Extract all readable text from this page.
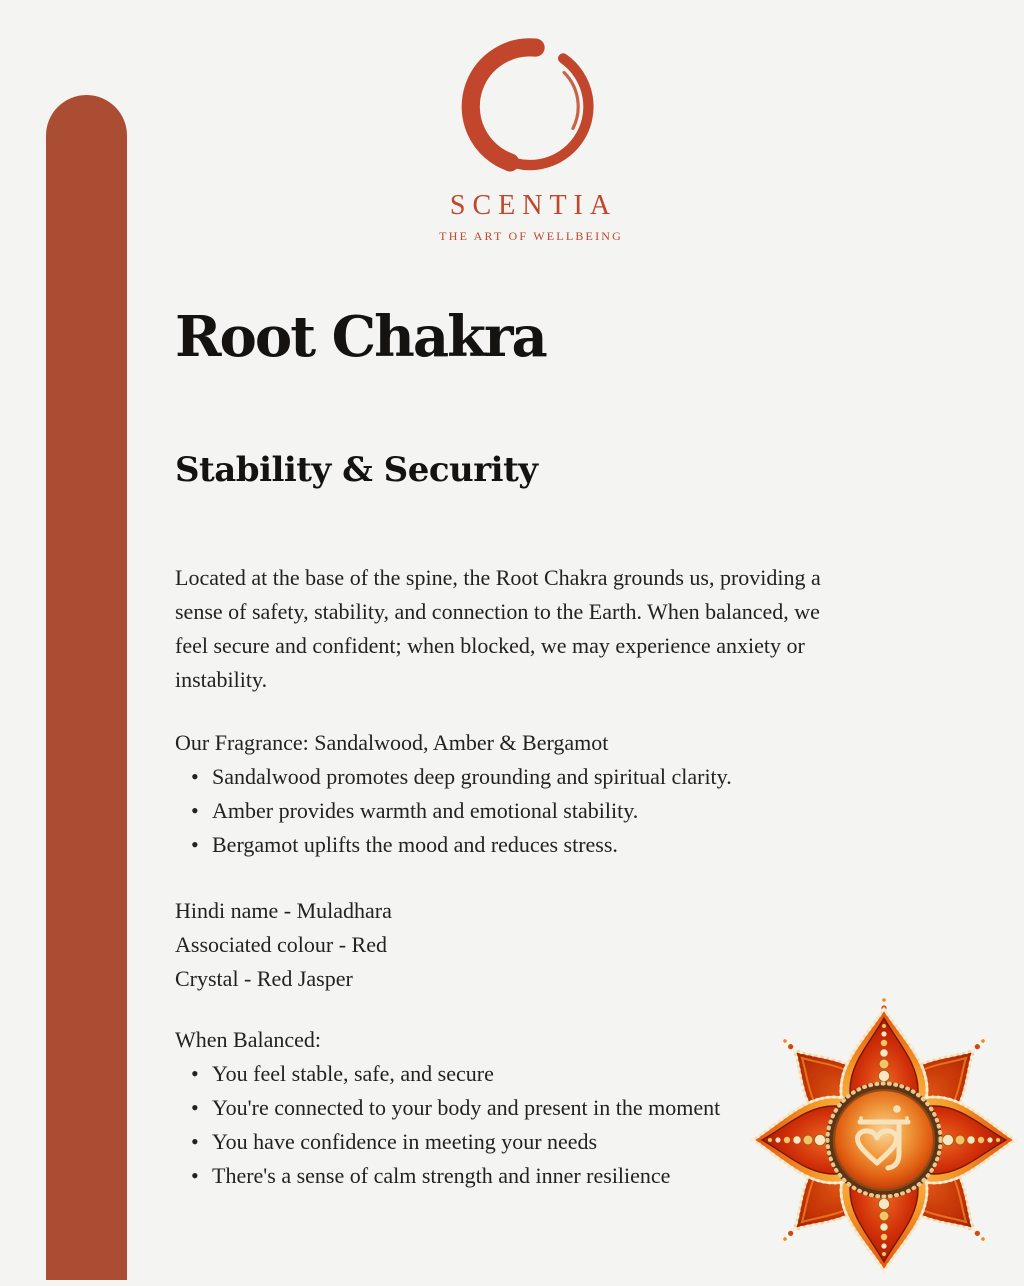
SCENTIA
THE ART OF WELLBEING
Root Chakra
Stability & Security
Located at the base of the spine, the Root Chakra grounds us, providing a
sense of safety, stability, and connection to the Earth. When balanced, we
feel secure and confident; when blocked, we may experience anxiety or
instability.
Our Fragrance: Sandalwood, Amber & Bergamot
• Sandalwood promotes deep grounding and spiritual clarity.
• Amber provides warmth and emotional stability.
• Bergamot uplifts the mood and reduces stress.
Hindi name - Muladhara
Associated colour - Red
Crystal - Red Jasper
When Balanced:
• You feel stable, safe, and secure
• You're connected to your body and present in the moment
• You have confidence in meeting your needs
• There's a sense of calm strength and inner resilience
